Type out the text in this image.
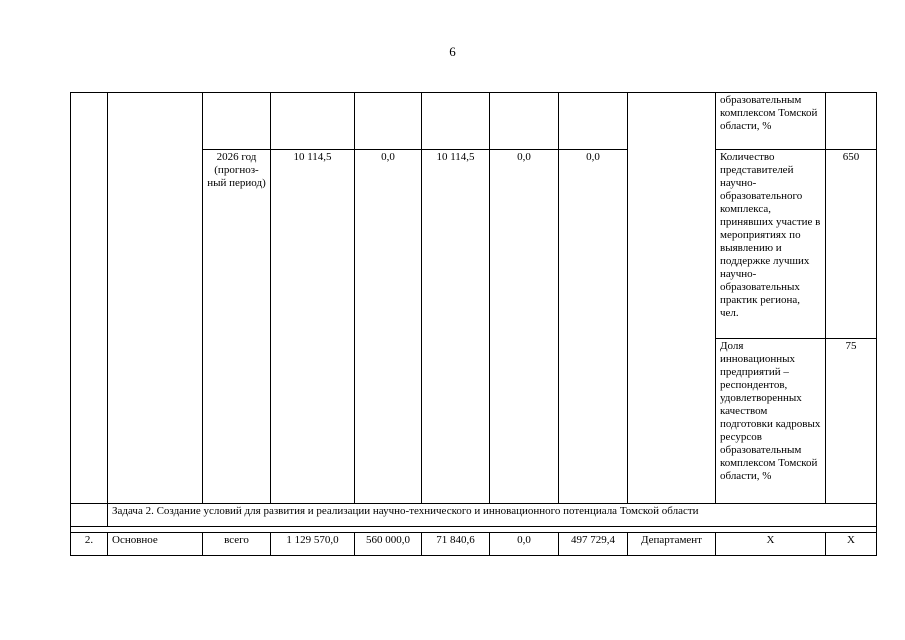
6
									образовательным комплексом Томской области, %	
		2026 год (прогноз-ный период)	10 114,5	0,0	10 114,5	0,0	0,0		Количество представителей научно-образовательного комплекса, принявших участие в мероприятиях по выявлению и поддержке лучших научно-образовательных практик региона, чел.	650
									Доля инновационных предприятий – респондентов, удовлетворенных качеством подготовки кадровых ресурсов образовательным комплексом Томской области, %	75
	Задача 2. Создание условий для развития и реализации научно-технического и инновационного потенциала Томской области									

2.	Основное	всего	1 129 570,0	560 000,0	71 840,6	0,0	497 729,4	Департамент	Х	Х
